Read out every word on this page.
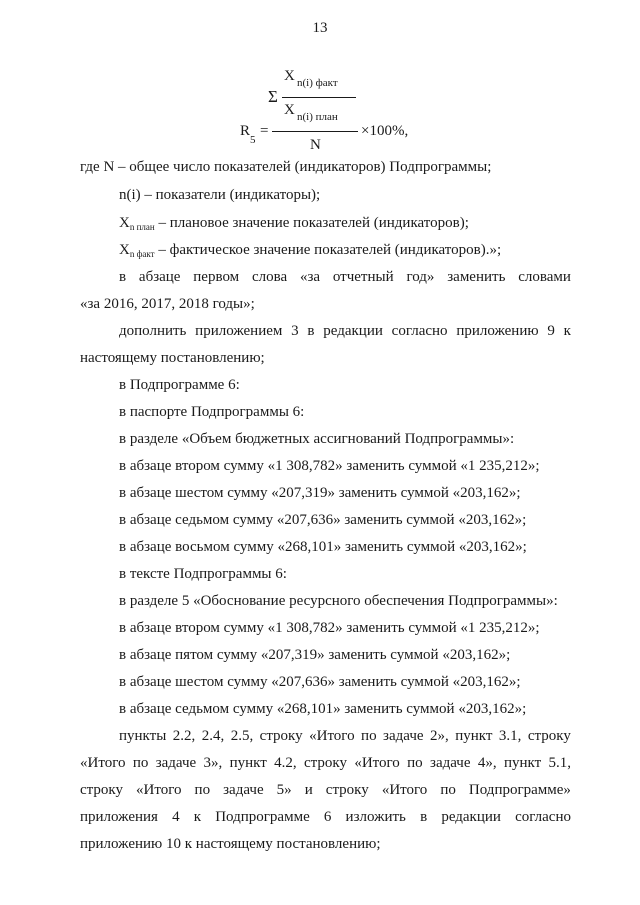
13
Σ
X n(i) факт
X n(i) план
R
5
=
N
×100%,
где N – общее число показателей (индикаторов) Подпрограммы;
n(i) – показатели (индикаторы);
$X_{n план}$ – плановое значение показателей (индикаторов);
$X_{n факт}$ – фактическое значение показателей (индикаторов).»;
в абзаце первом слова «за отчетный год» заменить словами
«за 2016, 2017, 2018 годы»;
дополнить приложением 3 в редакции согласно приложению 9 к
настоящему постановлению;
в Подпрограмме 6:
в паспорте Подпрограммы 6:
в разделе «Объем бюджетных ассигнований Подпрограммы»:
в абзаце втором сумму «1 308,782» заменить суммой «1 235,212»;
в абзаце шестом сумму «207,319» заменить суммой «203,162»;
в абзаце седьмом сумму «207,636» заменить суммой «203,162»;
в абзаце восьмом сумму «268,101» заменить суммой «203,162»;
в тексте Подпрограммы 6:
в разделе 5 «Обоснование ресурсного обеспечения Подпрограммы»:
в абзаце втором сумму «1 308,782» заменить суммой «1 235,212»;
в абзаце пятом сумму «207,319» заменить суммой «203,162»;
в абзаце шестом сумму «207,636» заменить суммой «203,162»;
в абзаце седьмом сумму «268,101» заменить суммой «203,162»;
пункты 2.2, 2.4, 2.5, строку «Итого по задаче 2», пункт 3.1, строку
«Итого по задаче 3», пункт 4.2, строку «Итого по задаче 4», пункт 5.1,
строку «Итого по задаче 5» и строку «Итого по Подпрограмме»
приложения 4 к Подпрограмме 6 изложить в редакции согласно
приложению 10 к настоящему постановлению;
